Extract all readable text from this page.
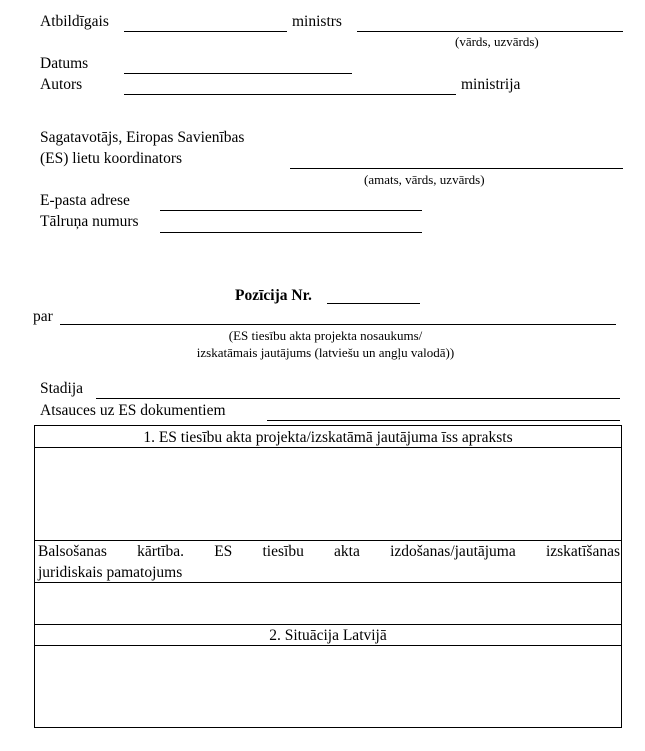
Atbildīgais	ministrs
(vārds, uzvārds)
Datums
Autors	ministrija
Sagatavotājs, Eiropas Savienības
(ES) lietu koordinators
(amats, vārds, uzvārds)
E-pasta adrese
Tālruņa numurs
Pozīcija Nr.
par
(ES tiesību akta projekta nosaukums/
izskatāmais jautājums (latviešu un angļu valodā))
Stadija
Atsauces uz ES dokumentiem
1. ES tiesību akta projekta/izskatāmā jautājuma īss apraksts
Balsošanas kārtība. ES tiesību akta izdošanas/jautājuma izskatīšanas
juridiskais pamatojums
2. Situācija Latvijā
